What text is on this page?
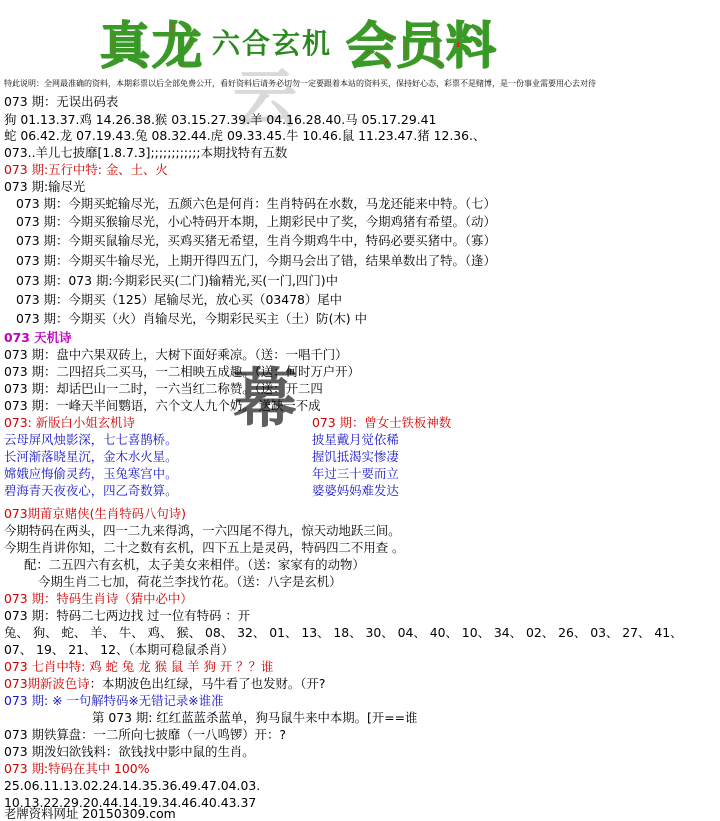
真 龙 六合玄机 会 员 料
云
幕
特此说明：全网最准确的资料，本期彩票以后全部免费公开，看好资料后请务必切勿一定要跟着本站的资料买，保持好心态，彩票不是赌博，是一份事业需要用心去对待
073 期：无误出码表
狗 01.13.37.鸡 14.26.38.猴 03.15.27.39.羊 04.16.28.40.马 05.17.29.41
蛇 06.42.龙 07.19.43.兔 08.32.44.虎 09.33.45.牛 10.46.鼠 11.23.47.猪 12.36.、
073..羊儿七披靡[1.8.7.3];;;;;;;;;;;;本期找特有五数
073 期:五行中特: 金、土、火
073 期:输尽光
073 期：今期买蛇输尽光，五颜六色是何肖：生肖特码在水数，马龙还能来中特。（七）
073 期：今期买猴输尽光，小心特码开本期，上期彩民中了奖，今期鸡猪有希望。（动）
073 期：今期买鼠输尽光，买鸡买猪无希望，生肖今期鸡牛中，特码必要买猪中。（寡）
073 期：今期买牛输尽光，上期开得四五门，今期马会出了错，结果单数出了特。（逢）
073 期：073 期:今期彩民买(二门)输精光,买(一门,四门)中
073 期：今期买（125）尾输尽光，放心买（03478）尾中
073 期：今期买（火）肖输尽光，今期彩民买主（土）防(木) 中
073 天机诗
073 期：盘中六果双砖上，大树下面好乘凉。（送：一唱千门）
073 期：二四招兵二买马，一二相映五成趣。（送：何时万户开）
073 期：却话巴山一二时，一六当红二称赞。（送：开二四
073 期：一峰天半间鹦语，六个文人九个奶。 送缺一不成
073: 新版白小姐玄机诗
云母屏风烛影深，七七喜鹊桥。
长河渐落晓星沉，金木水火星。
嫦娥应悔偷灵药，玉兔寒宫中。
碧海青天夜夜心，四乙奇数算。
073 期：曾女士铁板神数
披星戴月觉依稀
握饥抵渴实惨凄
年过三十要而立
婆婆妈妈难发达
073期莆京赌侠(生肖特码八句诗)
今期特码在两头，四一二九来得鸿，一六四尾不得九，惊天动地跃三间。
今期生肖讲你知，二十之数有玄机，四下五上是灵码，特码四二不用查 。
配：二五四六有玄机，太子美女来相伴。（送：家家有的动物）
今期生肖二七加，荷花兰李找竹花。（送：八字是玄机）
073 期：特码生肖诗（猜中必中）
073 期：特码二七两边找 过一位有特码 ：开
兔、 狗、 蛇、 羊、 牛、 鸡、 猴、 08、 32、 01、 13、 18、 30、 04、 40、 10、 34、 02、 26、 03、 27、 41、
07、 19、 21、 12、（本期可稳鼠杀肖）
073 七肖中特: 鸡 蛇 兔 龙 猴 鼠 羊 狗 开 ？？谁
073期新波色诗：本期波色出红绿，马牛看了也发财。（开?
073 期: ※ 一句解特码※无错记录※谁准
第 073 期: 红红蓝蓝杀蓝单，狗马鼠牛来中本期。[开==谁
073 期铁算盘：一二所向七披靡（一八鸣锣）开：?
073 期泼妇欲钱料：欲钱找中影中鼠的生肖。
073 期:特码在其中 100%
25.06.11.13.02.24.14.35.36.49.47.04.03.
10.13.22.29.20.44.14.19.34.46.40.43.37
老牌资料网址 20150309.com
